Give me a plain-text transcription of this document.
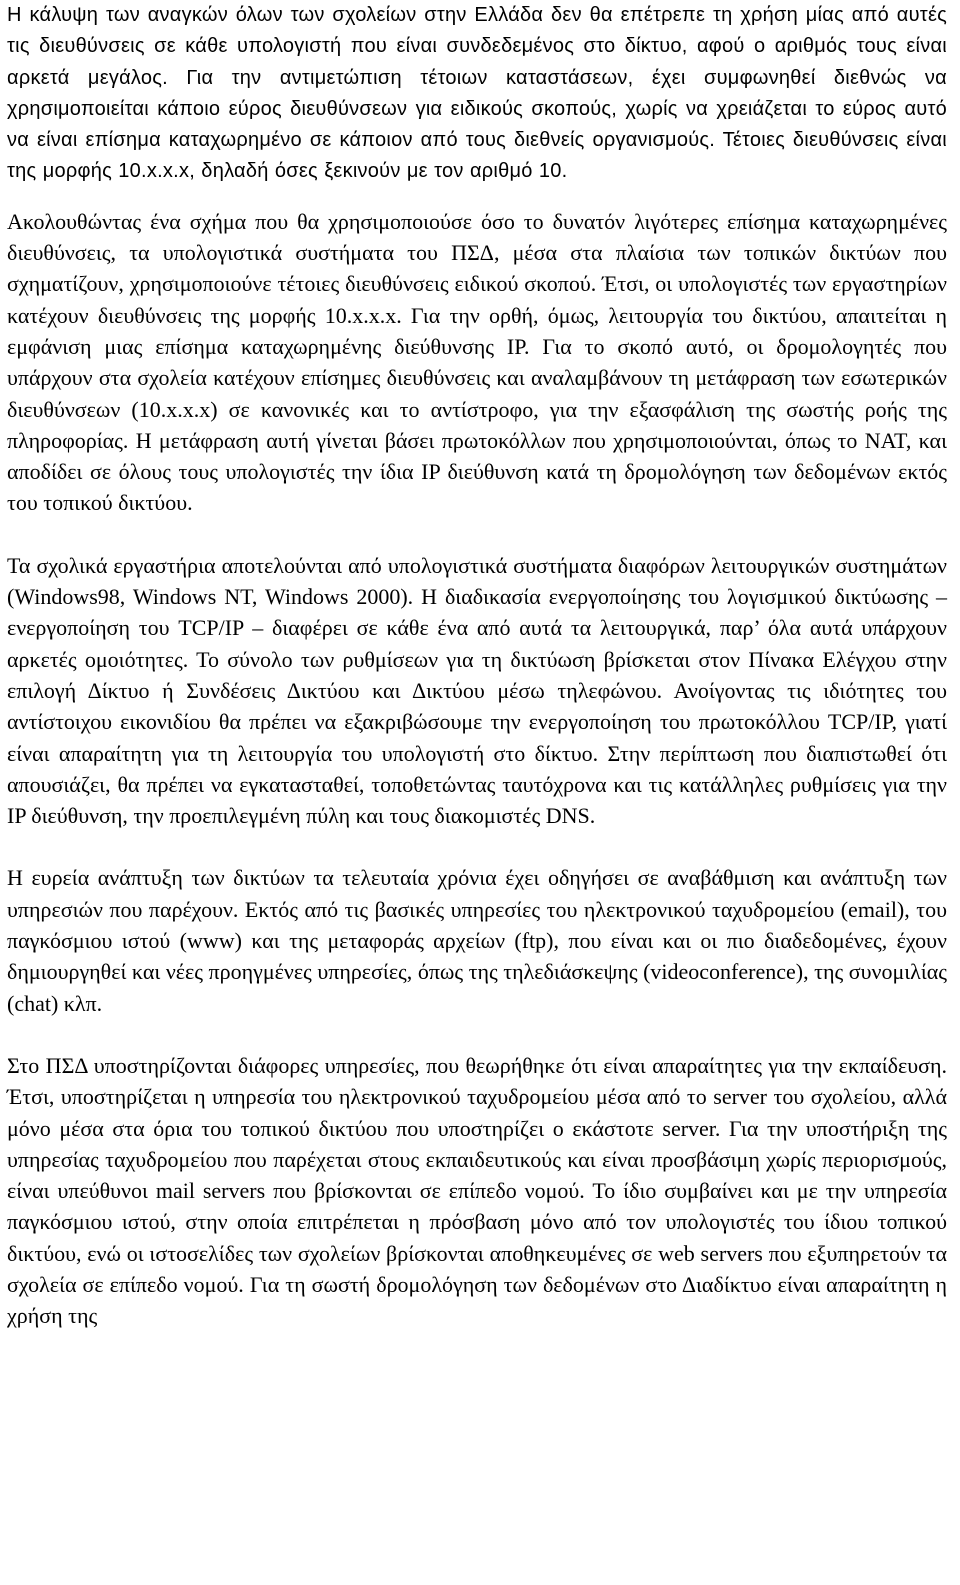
Η κάλυψη των αναγκών όλων των σχολείων στην Ελλάδα δεν θα επέτρεπε τη χρήση μίας από αυτές τις διευθύνσεις σε κάθε υπολογιστή που είναι συνδεδεμένος στο δίκτυο, αφού ο αριθμός τους είναι αρκετά μεγάλος. Για την αντιμετώπιση τέτοιων καταστάσεων, έχει συμφωνηθεί διεθνώς να χρησιμοποιείται κάποιο εύρος διευθύνσεων για ειδικούς σκοπούς, χωρίς να χρειάζεται το εύρος αυτό να είναι επίσημα καταχωρημένο σε κάποιον από τους διεθνείς οργανισμούς. Τέτοιες διευθύνσεις είναι της μορφής 10.x.x.x, δηλαδή όσες ξεκινούν με τον αριθμό 10.

Ακολουθώντας ένα σχήμα που θα χρησιμοποιούσε όσο το δυνατόν λιγότερες επίσημα καταχωρημένες διευθύνσεις, τα υπολογιστικά συστήματα του ΠΣΔ, μέσα στα πλαίσια των τοπικών δικτύων που σχηματίζουν, χρησιμοποιούνε τέτοιες διευθύνσεις ειδικού σκοπού. Έτσι, οι υπολογιστές των εργαστηρίων κατέχουν διευθύνσεις της μορφής 10.x.x.x. Για την ορθή, όμως, λειτουργία του δικτύου, απαιτείται η εμφάνιση μιας επίσημα καταχωρημένης διεύθυνσης IP. Για το σκοπό αυτό, οι δρομολογητές που υπάρχουν στα σχολεία κατέχουν επίσημες διευθύνσεις και αναλαμβάνουν τη μετάφραση των εσωτερικών διευθύνσεων (10.x.x.x) σε κανονικές και το αντίστροφο, για την εξασφάλιση της σωστής ροής της πληροφορίας. Η μετάφραση αυτή γίνεται βάσει πρωτοκόλλων που χρησιμοποιούνται, όπως το NAT, και αποδίδει σε όλους τους υπολογιστές την ίδια IP διεύθυνση κατά τη δρομολόγηση των δεδομένων εκτός του τοπικού δικτύου.

Τα σχολικά εργαστήρια αποτελούνται από υπολογιστικά συστήματα διαφόρων λειτουργικών συστημάτων (Windows98, Windows NT, Windows 2000). Η διαδικασία ενεργοποίησης του λογισμικού δικτύωσης – ενεργοποίηση του TCP/IP – διαφέρει σε κάθε ένα από αυτά τα λειτουργικά, παρ’ όλα αυτά υπάρχουν αρκετές ομοιότητες. Το σύνολο των ρυθμίσεων για τη δικτύωση βρίσκεται στον Πίνακα Ελέγχου στην επιλογή Δίκτυο ή Συνδέσεις Δικτύου και Δικτύου μέσω τηλεφώνου. Ανοίγοντας τις ιδιότητες του αντίστοιχου εικονιδίου θα πρέπει να εξακριβώσουμε την ενεργοποίηση του πρωτοκόλλου TCP/IP, γιατί είναι απαραίτητη για τη λειτουργία του υπολογιστή στο δίκτυο. Στην περίπτωση που διαπιστωθεί ότι απουσιάζει, θα πρέπει να εγκατασταθεί, τοποθετώντας ταυτόχρονα και τις κατάλληλες ρυθμίσεις για την IP διεύθυνση, την προεπιλεγμένη πύλη και τους διακομιστές DNS.

Η ευρεία ανάπτυξη των δικτύων τα τελευταία χρόνια έχει οδηγήσει σε αναβάθμιση και ανάπτυξη των υπηρεσιών που παρέχουν. Εκτός από τις βασικές υπηρεσίες του ηλεκτρονικού ταχυδρομείου (email), του παγκόσμιου ιστού (www) και της μεταφοράς αρχείων (ftp), που είναι και οι πιο διαδεδομένες, έχουν δημιουργηθεί και νέες προηγμένες υπηρεσίες, όπως της τηλεδιάσκεψης (videoconference), της συνομιλίας (chat) κλπ.

Στο ΠΣΔ υποστηρίζονται διάφορες υπηρεσίες, που θεωρήθηκε ότι είναι απαραίτητες για την εκπαίδευση. Έτσι, υποστηρίζεται η υπηρεσία του ηλεκτρονικού ταχυδρομείου μέσα από το server του σχολείου, αλλά μόνο μέσα στα όρια του τοπικού δικτύου που υποστηρίζει ο εκάστοτε server. Για την υποστήριξη της υπηρεσίας ταχυδρομείου που παρέχεται στους εκπαιδευτικούς και είναι προσβάσιμη χωρίς περιορισμούς, είναι υπεύθυνοι mail servers που βρίσκονται σε επίπεδο νομού. Το ίδιο συμβαίνει και με την υπηρεσία παγκόσμιου ιστού, στην οποία επιτρέπεται η πρόσβαση μόνο από τον υπολογιστές του ίδιου τοπικού δικτύου, ενώ οι ιστοσελίδες των σχολείων βρίσκονται αποθηκευμένες σε web servers που εξυπηρετούν τα σχολεία σε επίπεδο νομού. Για τη σωστή δρομολόγηση των δεδομένων στο Διαδίκτυο είναι απαραίτητη η χρήση της
